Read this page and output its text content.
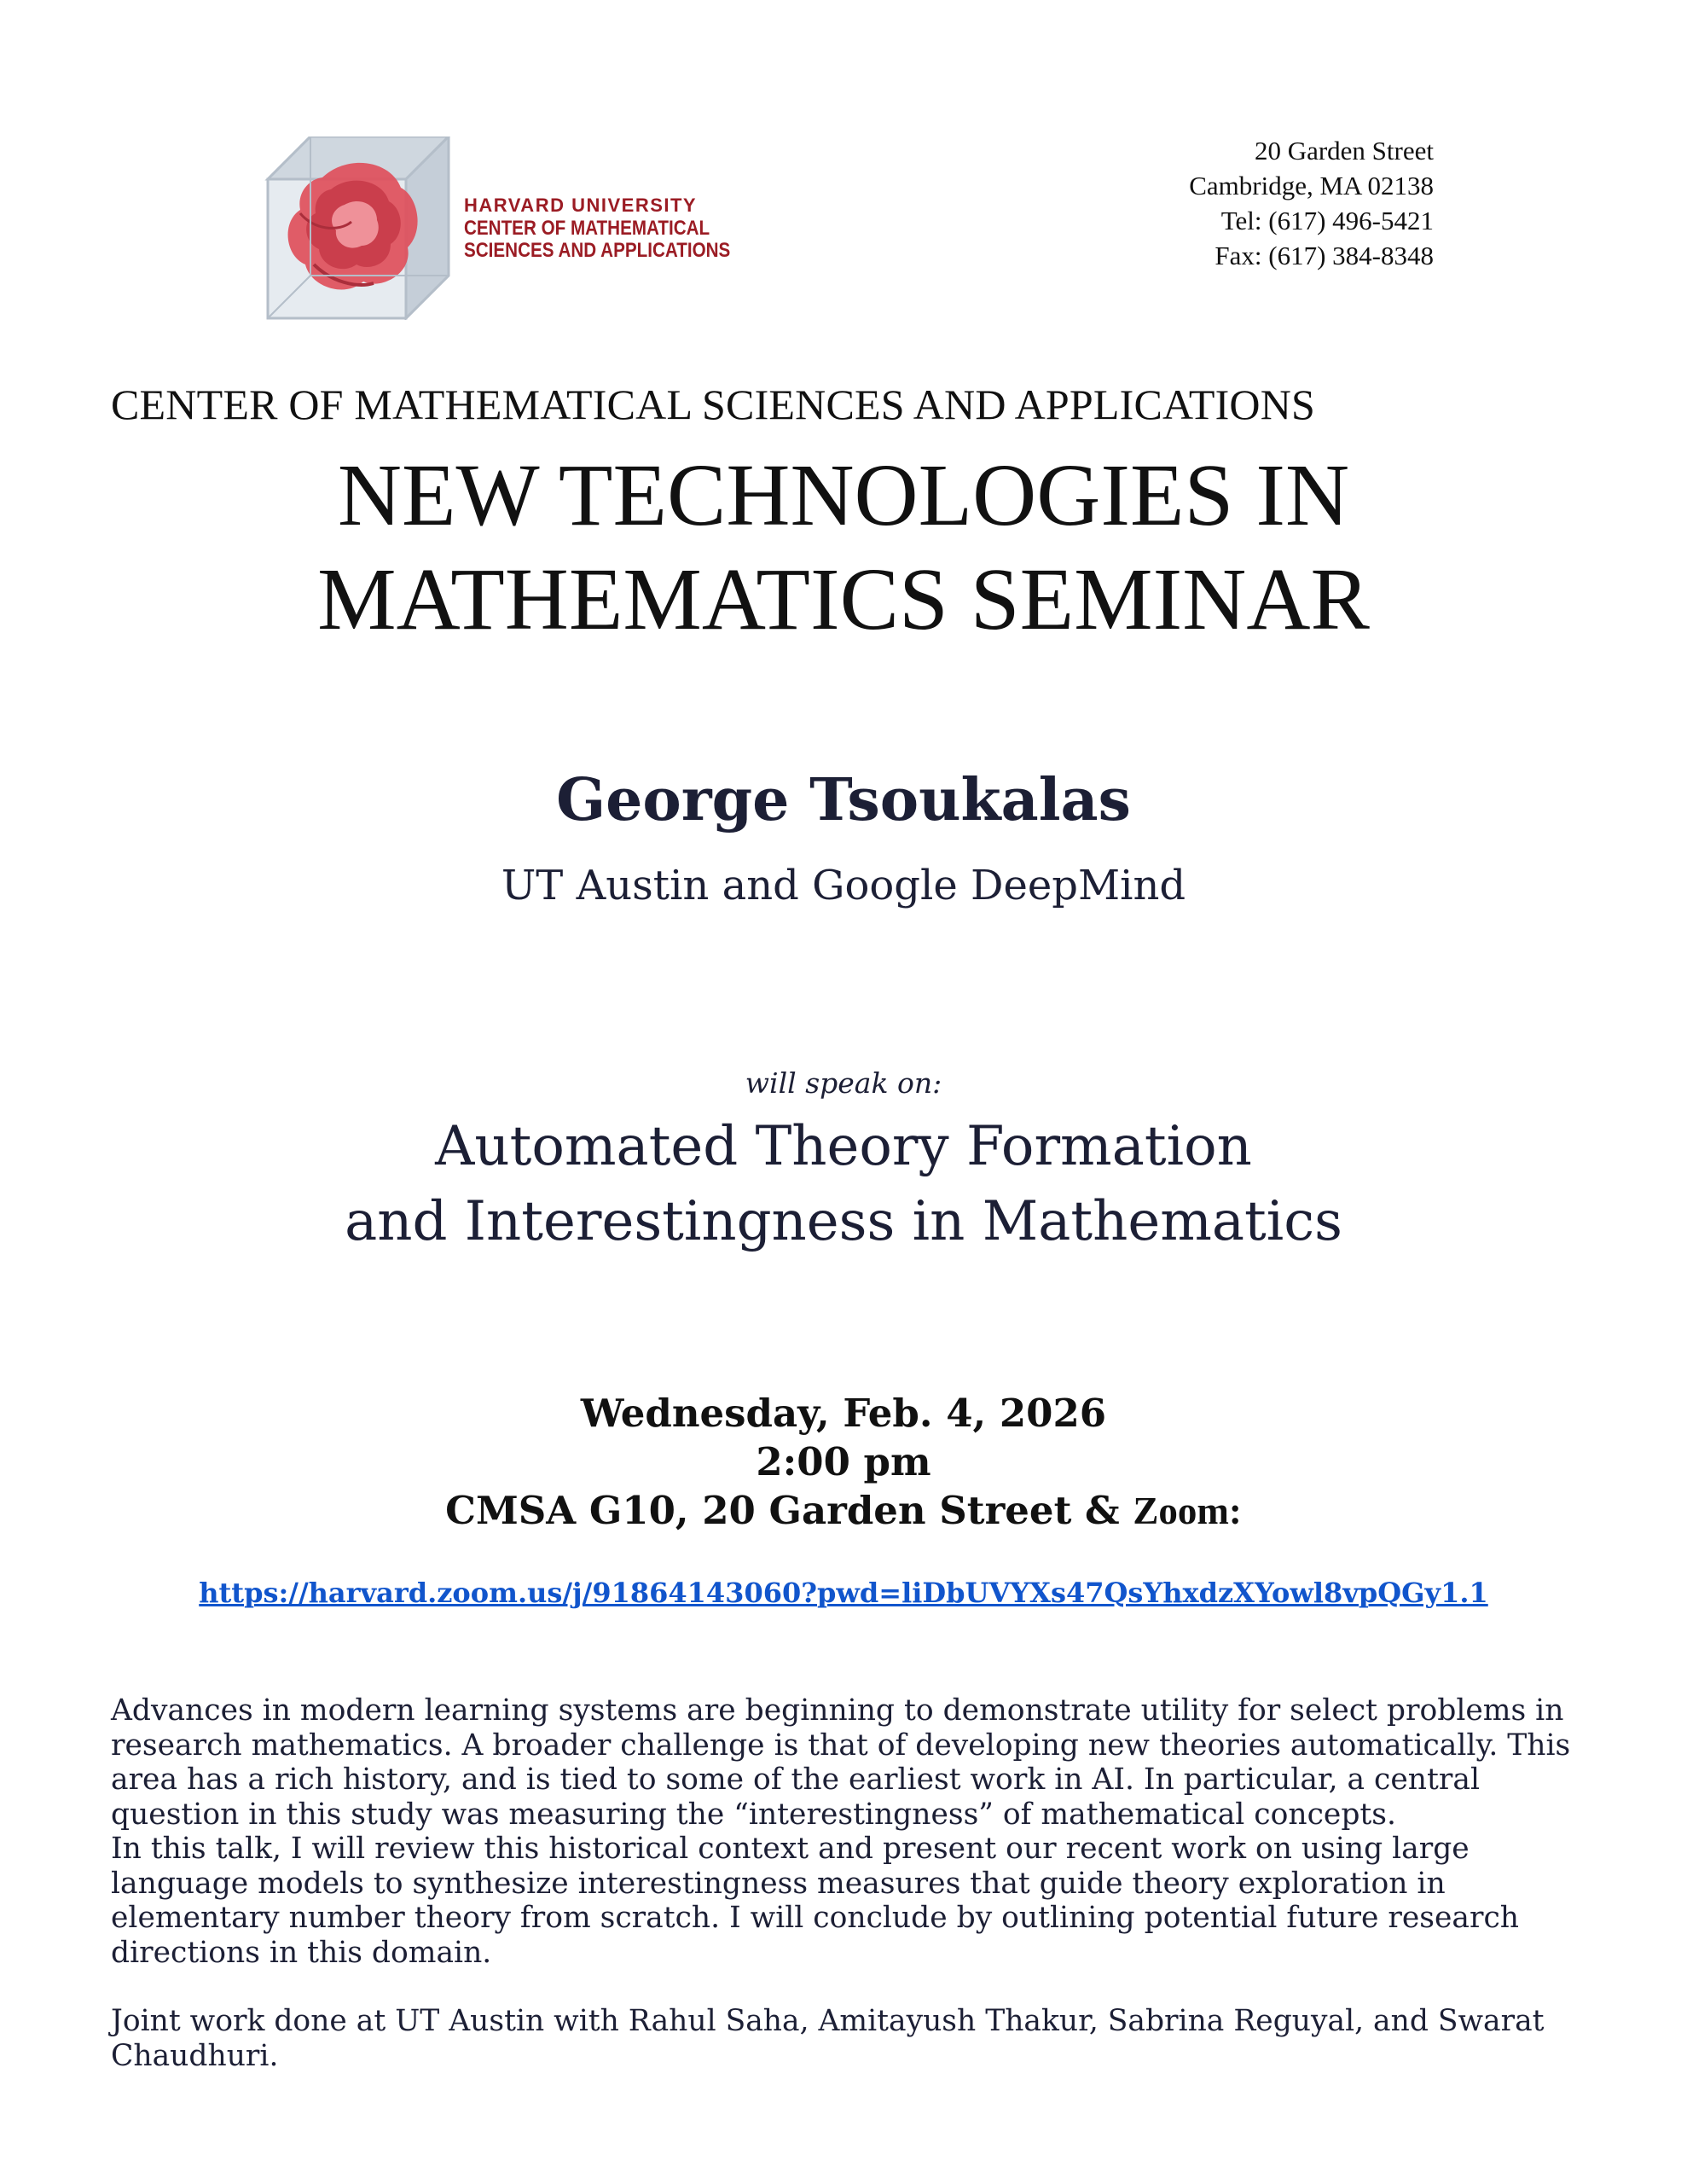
HARVARD UNIVERSITY
CENTER OF MATHEMATICAL
SCIENCES AND APPLICATIONS
20 Garden Street
Cambridge, MA 02138
Tel: (617) 496-5421
Fax: (617) 384-8348
CENTER OF MATHEMATICAL SCIENCES AND APPLICATIONS
NEW TECHNOLOGIES IN
MATHEMATICS SEMINAR
George Tsoukalas
UT Austin and Google DeepMind
will speak on:
Automated Theory Formation
and Interestingness in Mathematics
Wednesday, Feb. 4, 2026
2:00 pm
CMSA G10, 20 Garden Street & Zoom:
https://harvard.zoom.us/j/91864143060?pwd=liDbUVYXs47QsYhxdzXYowl8vpQGy1.1

Advances in modern learning systems are beginning to demonstrate utility for select problems in research mathematics. A broader challenge is that of developing new theories automatically. This area has a rich history, and is tied to some of the earliest work in AI. In particular, a central question in this study was measuring the “interestingness” of mathematical concepts.

In this talk, I will review this historical context and present our recent work on using large language models to synthesize interestingness measures that guide theory exploration in elementary number theory from scratch. I will conclude by outlining potential future research directions in this domain.

Joint work done at UT Austin with Rahul Saha, Amitayush Thakur, Sabrina Reguyal, and Swarat Chaudhuri.
